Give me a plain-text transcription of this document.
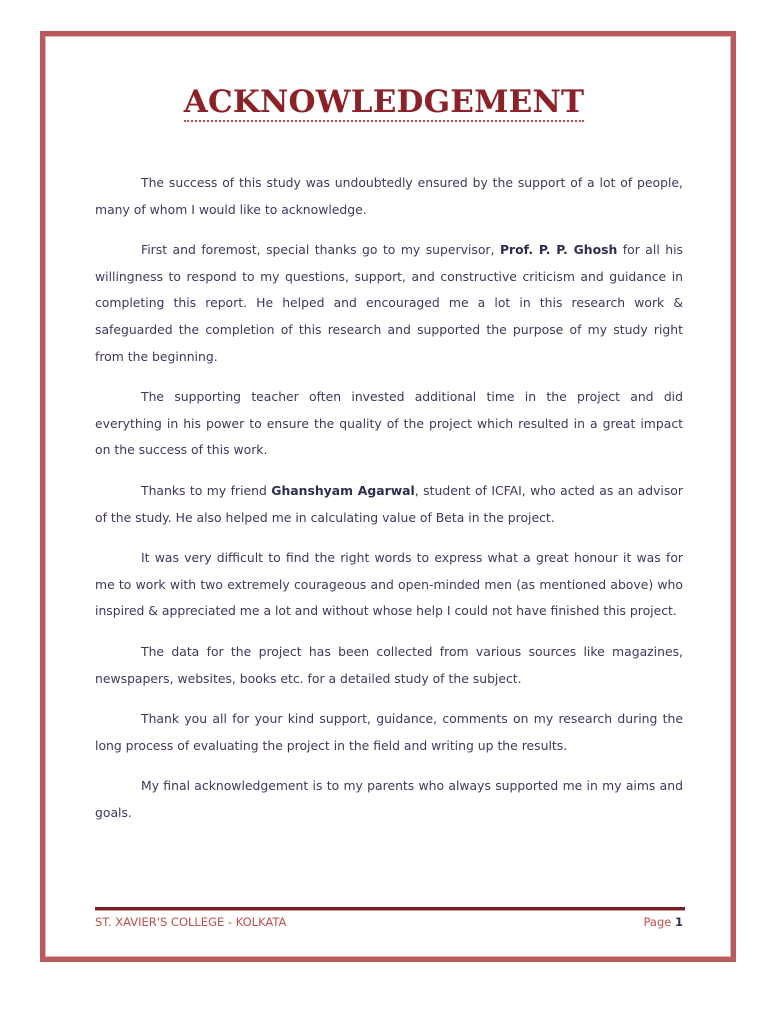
ACKNOWLEDGEMENT

The success of this study was undoubtedly ensured by the support of a lot of people, many of whom I would like to acknowledge.

First and foremost, special thanks go to my supervisor, Prof. P. P. Ghosh for all his willingness to respond to my questions, support, and constructive criticism and guidance in completing this report. He helped and encouraged me a lot in this research work & safeguarded the completion of this research and supported the purpose of my study right from the beginning.

The supporting teacher often invested additional time in the project and did everything in his power to ensure the quality of the project which resulted in a great impact on the success of this work.

Thanks to my friend Ghanshyam Agarwal, student of ICFAI, who acted as an advisor of the study. He also helped me in calculating value of Beta in the project.

It was very difficult to find the right words to express what a great honour it was for me to work with two extremely courageous and open-minded men (as mentioned above) who inspired & appreciated me a lot and without whose help I could not have finished this project.

The data for the project has been collected from various sources like magazines, newspapers, websites, books etc. for a detailed study of the subject.

Thank you all for your kind support, guidance, comments on my research during the long process of evaluating the project in the field and writing up the results.

My final acknowledgement is to my parents who always supported me in my aims and goals.

ST. XAVIER'S COLLEGE - KOLKATA	Page 1
